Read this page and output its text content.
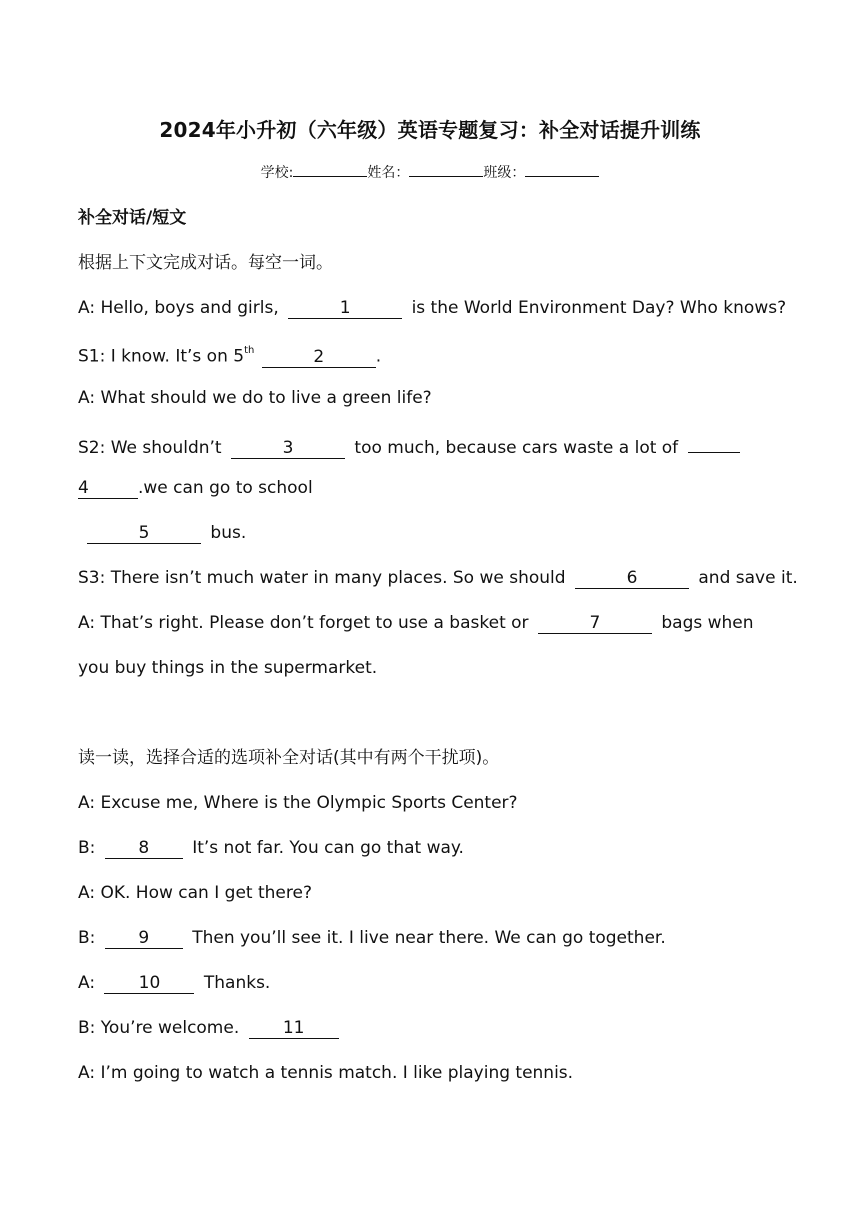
2024年小升初（六年级）英语专题复习：补全对话提升训练
学校:	姓名：	班级：
补全对话/短文
根据上下文完成对话。每空一词。
A: Hello, boys and girls,	1	is the World Environment Day? Who knows?
S1: I know. It’s on 5th	2	.
A: What should we do to live a green life?
S2: We shouldn’t	3	too much, because cars waste a lot of
4	.we can go to school
5	bus.
S3: There isn’t much water in many places. So we should	6	and save it.
A: That’s right. Please don’t forget to use a basket or	7	bags when
you buy things in the supermarket.
读一读，选择合适的选项补全对话(其中有两个干扰项)。
A: Excuse me, Where is the Olympic Sports Center?
B:	8	It’s not far. You can go that way.
A: OK. How can I get there?
B:	9	Then you’ll see it. I live near there. We can go together.
A:	10	Thanks.
B: You’re welcome.	11
A: I’m going to watch a tennis match. I like playing tennis.
